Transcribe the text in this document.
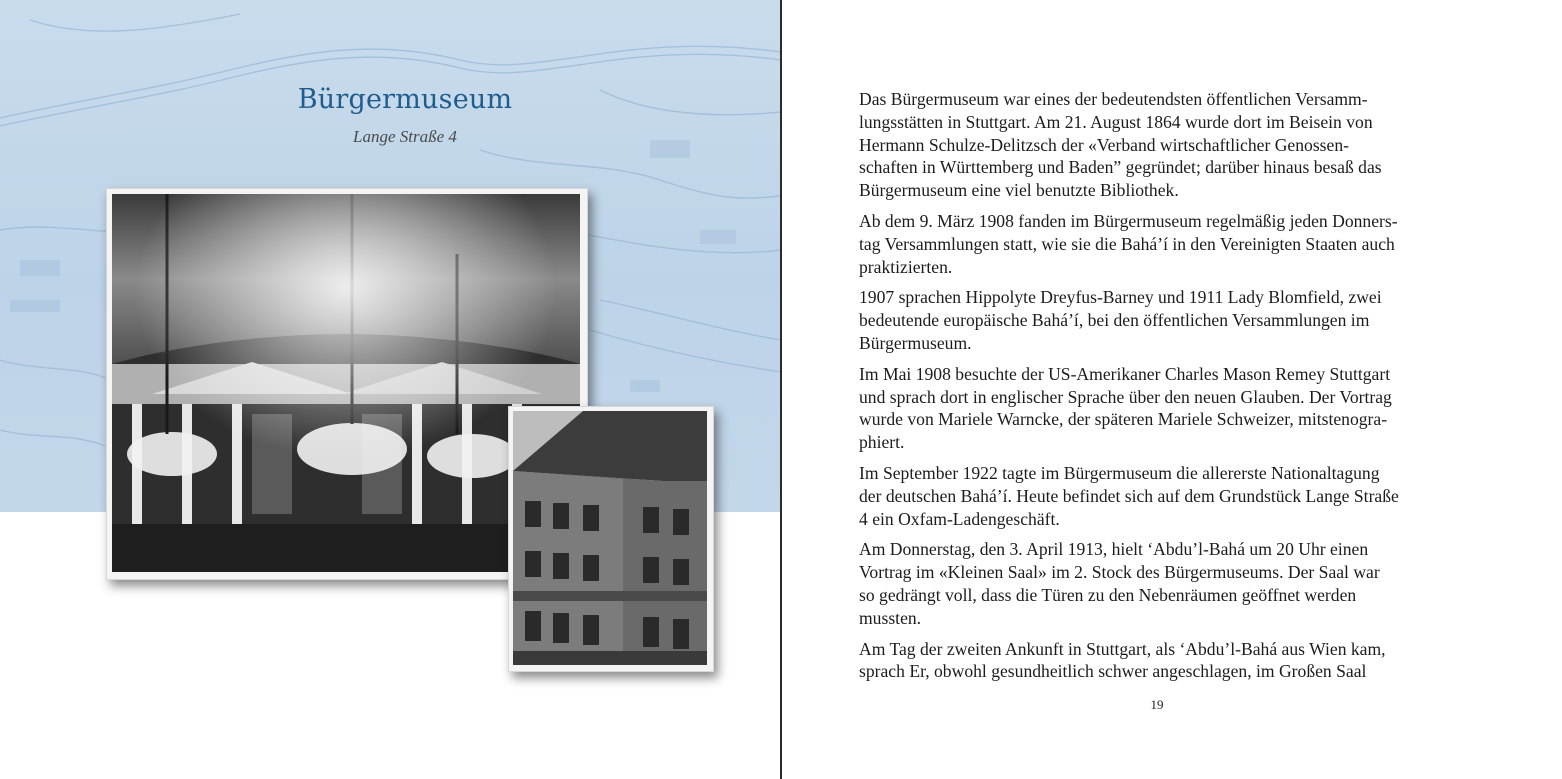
Bürgermuseum
Lange Straße 4

Das Bürgermuseum war eines der bedeutendsten öffentlichen Versamm-
lungsstätten in Stuttgart. Am 21. August 1864 wurde dort im Beisein von
Hermann Schulze-Delitzsch der «Verband wirtschaftlicher Genossen-
schaften in Württemberg und Baden” gegründet; darüber hinaus besaß das
Bürgermuseum eine viel benutzte Bibliothek.

Ab dem 9. März 1908 fanden im Bürgermuseum regelmäßig jeden Donners-
tag Versammlungen statt, wie sie die Bahá’í in den Vereinigten Staaten auch
praktizierten.

1907 sprachen Hippolyte Dreyfus-Barney und 1911 Lady Blomfield, zwei
bedeutende europäische Bahá’í, bei den öffentlichen Versammlungen im
Bürgermuseum.

Im Mai 1908 besuchte der US-Amerikaner Charles Mason Remey Stuttgart
und sprach dort in englischer Sprache über den neuen Glauben. Der Vortrag
wurde von Mariele Warncke, der späteren Mariele Schweizer, mitstenogra-
phiert.

Im September 1922 tagte im Bürgermuseum die allererste Nationaltagung
der deutschen Bahá’í. Heute befindet sich auf dem Grundstück Lange Straße
4 ein Oxfam-Ladengeschäft.

Am Donnerstag, den 3. April 1913, hielt ‘Abdu’l-Bahá um 20 Uhr einen
Vortrag im «Kleinen Saal» im 2. Stock des Bürgermuseums. Der Saal war
so gedrängt voll, dass die Türen zu den Nebenräumen geöffnet werden
mussten.

Am Tag der zweiten Ankunft in Stuttgart, als ‘Abdu’l-Bahá aus Wien kam,
sprach Er, obwohl gesundheitlich schwer angeschlagen, im Großen Saal

19
